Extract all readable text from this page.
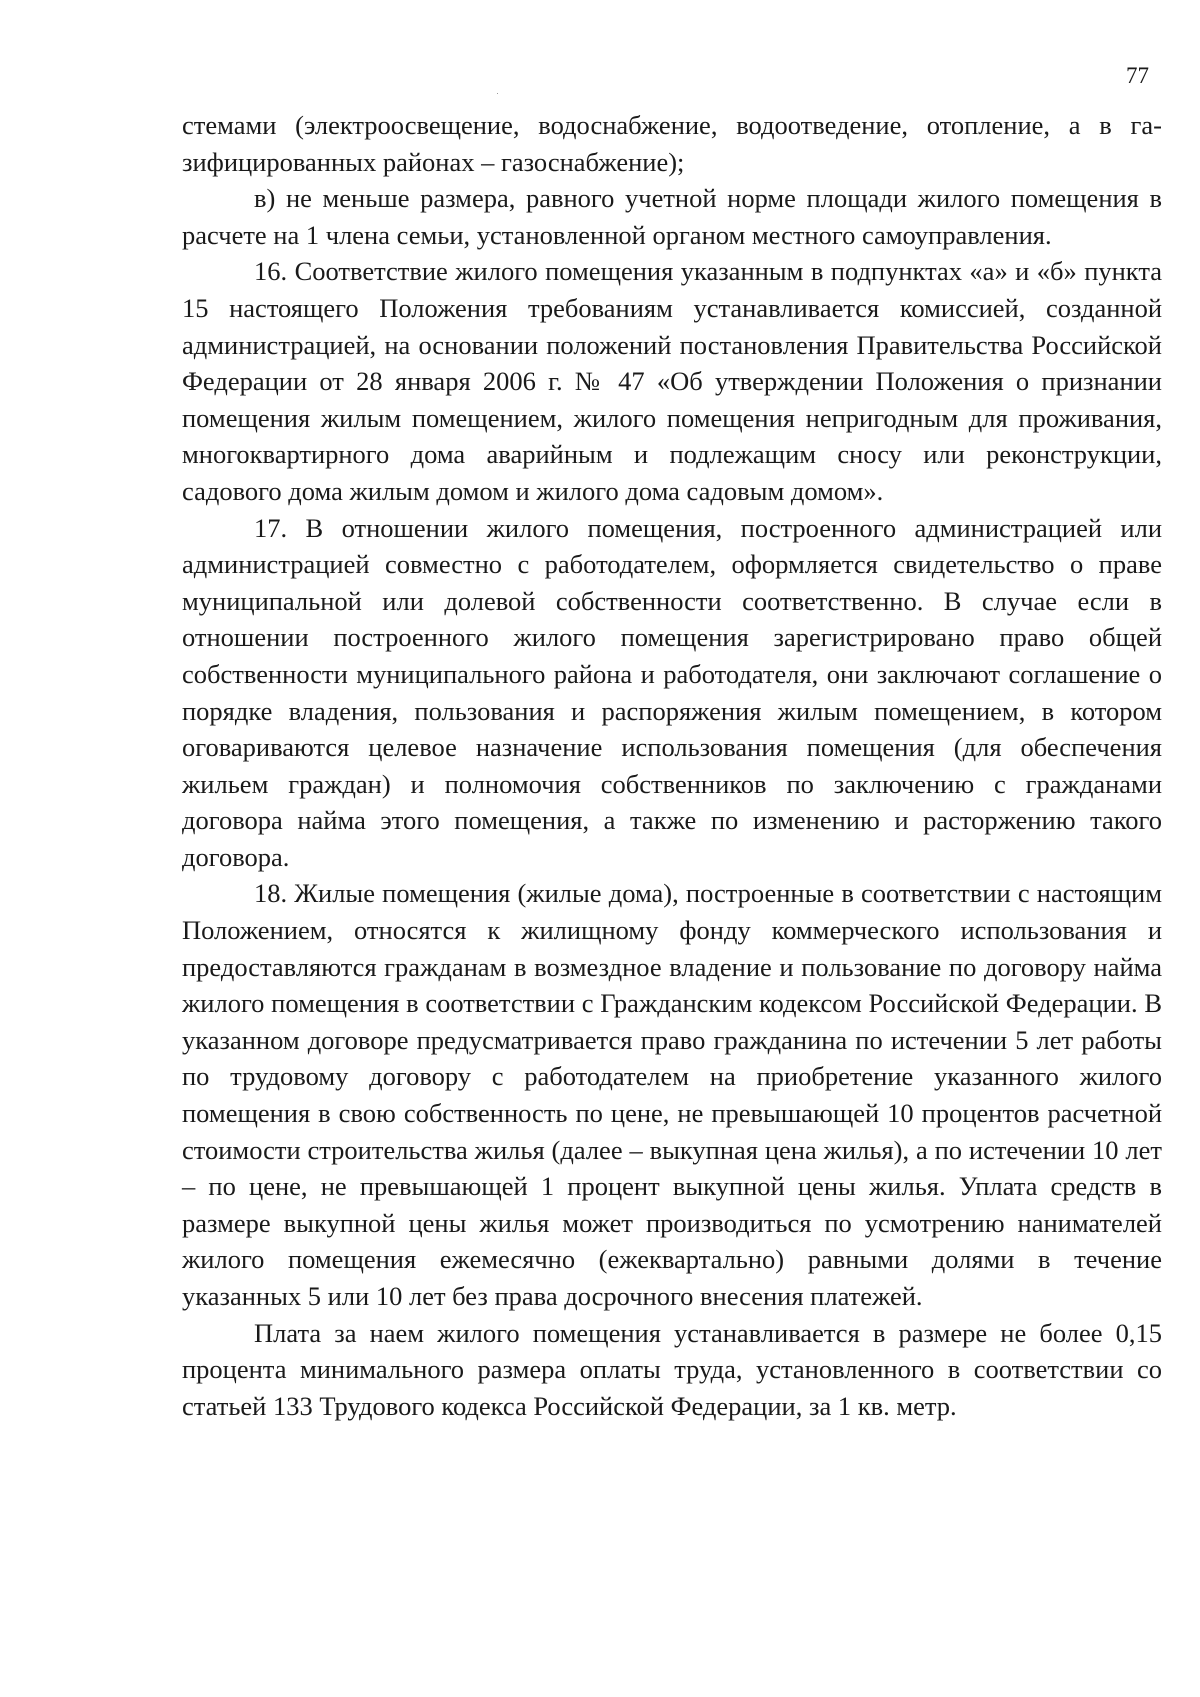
77

стемами (электроосвещение, водоснабжение, водоотведение, отопление, а в газифицированных районах – газоснабжение);

в) не меньше размера, равного учетной норме площади жилого помещения в расчете на 1 члена семьи, установленной органом местного самоуправления.

16. Соответствие жилого помещения указанным в подпунктах «а» и «б» пункта 15 настоящего Положения требованиям устанавливается комиссией, созданной администрацией, на основании положений постановления Правительства Российской Федерации от 28 января 2006 г. № 47 «Об утверждении Положения о признании помещения жилым помещением, жилого помещения непригодным для проживания, многоквартирного дома аварийным и подлежащим сносу или реконструкции, садового дома жилым домом и жилого дома садовым домом».

17. В отношении жилого помещения, построенного администрацией или администрацией совместно с работодателем, оформляется свидетельство о праве муниципальной или долевой собственности соответственно. В случае если в отношении построенного жилого помещения зарегистрировано право общей собственности муниципального района и работодателя, они заключают соглашение о порядке владения, пользования и распоряжения жилым помещением, в котором оговариваются целевое назначение использования помещения (для обеспечения жильем граждан) и полномочия собственников по заключению с гражданами договора найма этого помещения, а также по изменению и расторжению такого договора.

18. Жилые помещения (жилые дома), построенные в соответствии с настоящим Положением, относятся к жилищному фонду коммерческого использования и предоставляются гражданам в возмездное владение и пользование по договору найма жилого помещения в соответствии с Гражданским кодексом Российской Федерации. В указанном договоре предусматривается право гражданина по истечении 5 лет работы по трудовому договору с работодателем на приобретение указанного жилого помещения в свою собственность по цене, не превышающей 10 процентов расчетной стоимости строительства жилья (далее – выкупная цена жилья), а по истечении 10 лет – по цене, не превышающей 1 процент выкупной цены жилья. Уплата средств в размере выкупной цены жилья может производиться по усмотрению нанимателей жилого помещения ежемесячно (ежеквартально) равными долями в течение указанных 5 или 10 лет без права досрочного внесения платежей.

Плата за наем жилого помещения устанавливается в размере не более 0,15 процента минимального размера оплаты труда, установленного в соответствии со статьей 133 Трудового кодекса Российской Федерации, за 1 кв. метр.
